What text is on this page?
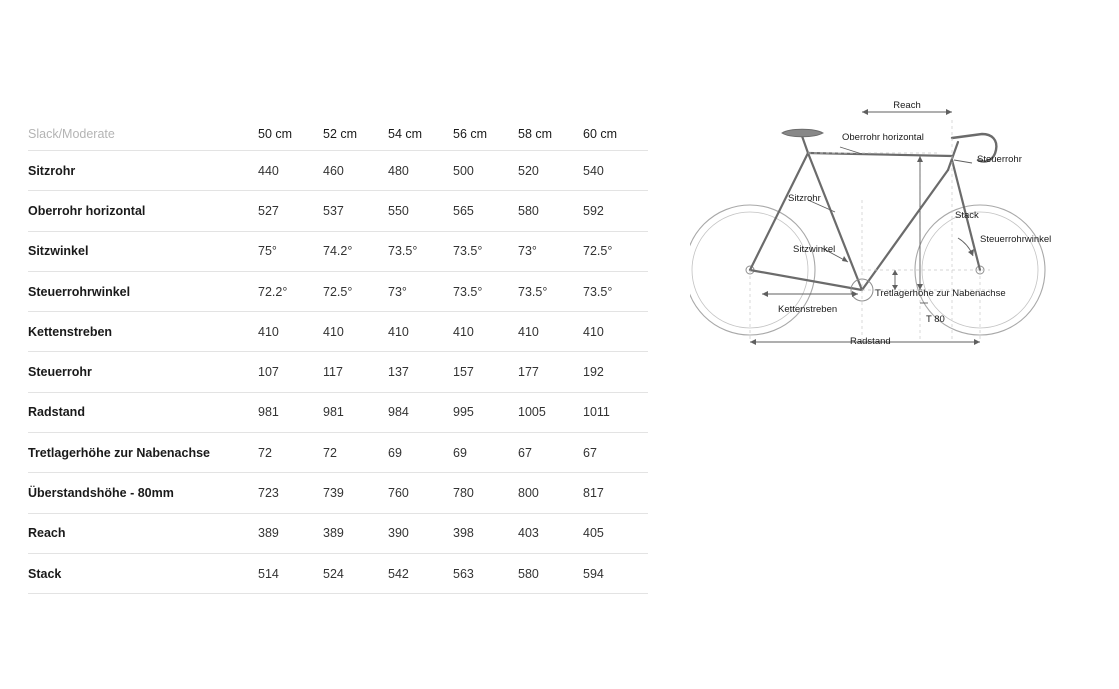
Slack/Moderate	50 cm	52 cm	54 cm	56 cm	58 cm	60 cm
Sitzrohr	440	460	480	500	520	540
Oberrohr horizontal	527	537	550	565	580	592
Sitzwinkel	75°	74.2°	73.5°	73.5°	73°	72.5°
Steuerrohrwinkel	72.2°	72.5°	73°	73.5°	73.5°	73.5°
Kettenstreben	410	410	410	410	410	410
Steuerrohr	107	117	137	157	177	192
Radstand	981	981	984	995	1005	1011
Tretlagerhöhe zur Nabenachse	72	72	69	69	67	67
Überstandshöhe - 80mm	723	739	760	780	800	817
Reach	389	389	390	398	403	405
Stack	514	524	542	563	580	594
Reach
Oberrohr horizontal
Steuerrohr
Sitzrohr
Stack
Steuerrohrwinkel
Sitzwinkel
Tretlagerhöhe zur Nabenachse
Kettenstreben
T 80
Radstand
